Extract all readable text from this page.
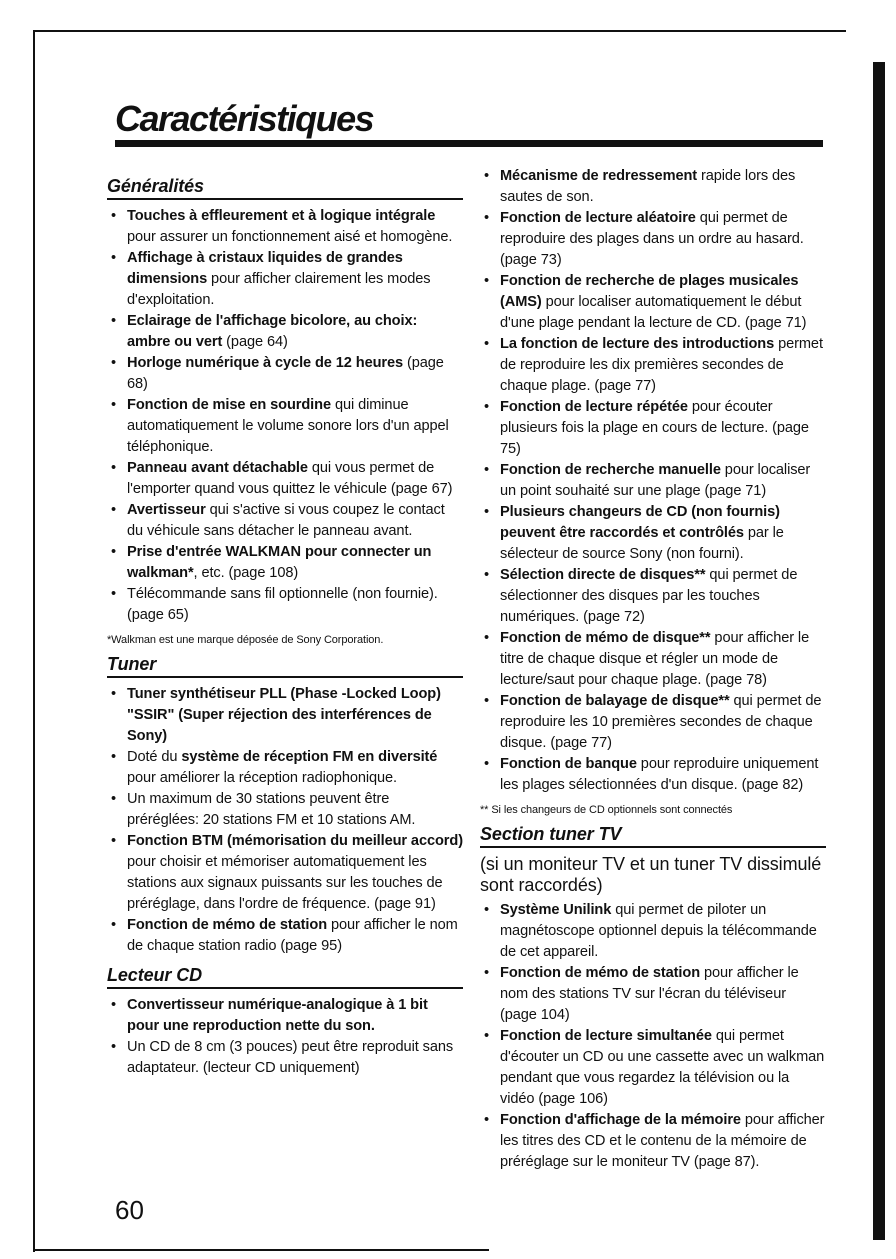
Caractéristiques
Généralités
• Touches à effleurement et à logique intégrale pour assurer un fonctionnement aisé et homogène.
• Affichage à cristaux liquides de grandes dimensions pour afficher clairement les modes d'exploitation.
• Eclairage de l'affichage bicolore, au choix: ambre ou vert (page 64)
• Horloge numérique à cycle de 12 heures (page 68)
• Fonction de mise en sourdine qui diminue automatiquement le volume sonore lors d'un appel téléphonique.
• Panneau avant détachable qui vous permet de l'emporter quand vous quittez le véhicule (page 67)
• Avertisseur qui s'active si vous coupez le contact du véhicule sans détacher le panneau avant.
• Prise d'entrée WALKMAN pour connecter un walkman*, etc. (page 108)
• Télécommande sans fil optionnelle (non fournie). (page 65)
*Walkman est une marque déposée de Sony Corporation.
Tuner
• Tuner synthétiseur PLL (Phase -Locked Loop) "SSIR" (Super réjection des interférences de Sony)
• Doté du système de réception FM en diversité pour améliorer la réception radiophonique.
• Un maximum de 30 stations peuvent être préréglées: 20 stations FM et 10 stations AM.
• Fonction BTM (mémorisation du meilleur accord) pour choisir et mémoriser automatiquement les stations aux signaux puissants sur les touches de préréglage, dans l'ordre de fréquence. (page 91)
• Fonction de mémo de station pour afficher le nom de chaque station radio (page 95)
Lecteur CD
• Convertisseur numérique-analogique à 1 bit pour une reproduction nette du son.
• Un CD de 8 cm (3 pouces) peut être reproduit sans adaptateur. (lecteur CD uniquement)
60
• Mécanisme de redressement rapide lors des sautes de son.
• Fonction de lecture aléatoire qui permet de reproduire des plages dans un ordre au hasard. (page 73)
• Fonction de recherche de plages musicales (AMS) pour localiser automatiquement le début d'une plage pendant la lecture de CD. (page 71)
• La fonction de lecture des introductions permet de reproduire les dix premières secondes de chaque plage. (page 77)
• Fonction de lecture répétée pour écouter plusieurs fois la plage en cours de lecture. (page 75)
• Fonction de recherche manuelle pour localiser un point souhaité sur une plage (page 71)
• Plusieurs changeurs de CD (non fournis) peuvent être raccordés et contrôlés par le sélecteur de source Sony (non fourni).
• Sélection directe de disques** qui permet de sélectionner des disques par les touches numériques. (page 72)
• Fonction de mémo de disque** pour afficher le titre de chaque disque et régler un mode de lecture/saut pour chaque plage. (page 78)
• Fonction de balayage de disque** qui permet de reproduire les 10 premières secondes de chaque disque. (page 77)
• Fonction de banque pour reproduire uniquement les plages sélectionnées d'un disque. (page 82)
** Si les changeurs de CD optionnels sont connectés
Section tuner TV
(si un moniteur TV et un tuner TV dissimulé sont raccordés)
• Système Unilink qui permet de piloter un magnétoscope optionnel depuis la télécommande de cet appareil.
• Fonction de mémo de station pour afficher le nom des stations TV sur l'écran du téléviseur (page 104)
• Fonction de lecture simultanée qui permet d'écouter un CD ou une cassette avec un walkman pendant que vous regardez la télévision ou la vidéo (page 106)
• Fonction d'affichage de la mémoire pour afficher les titres des CD et le contenu de la mémoire de préréglage sur le moniteur TV (page 87).
